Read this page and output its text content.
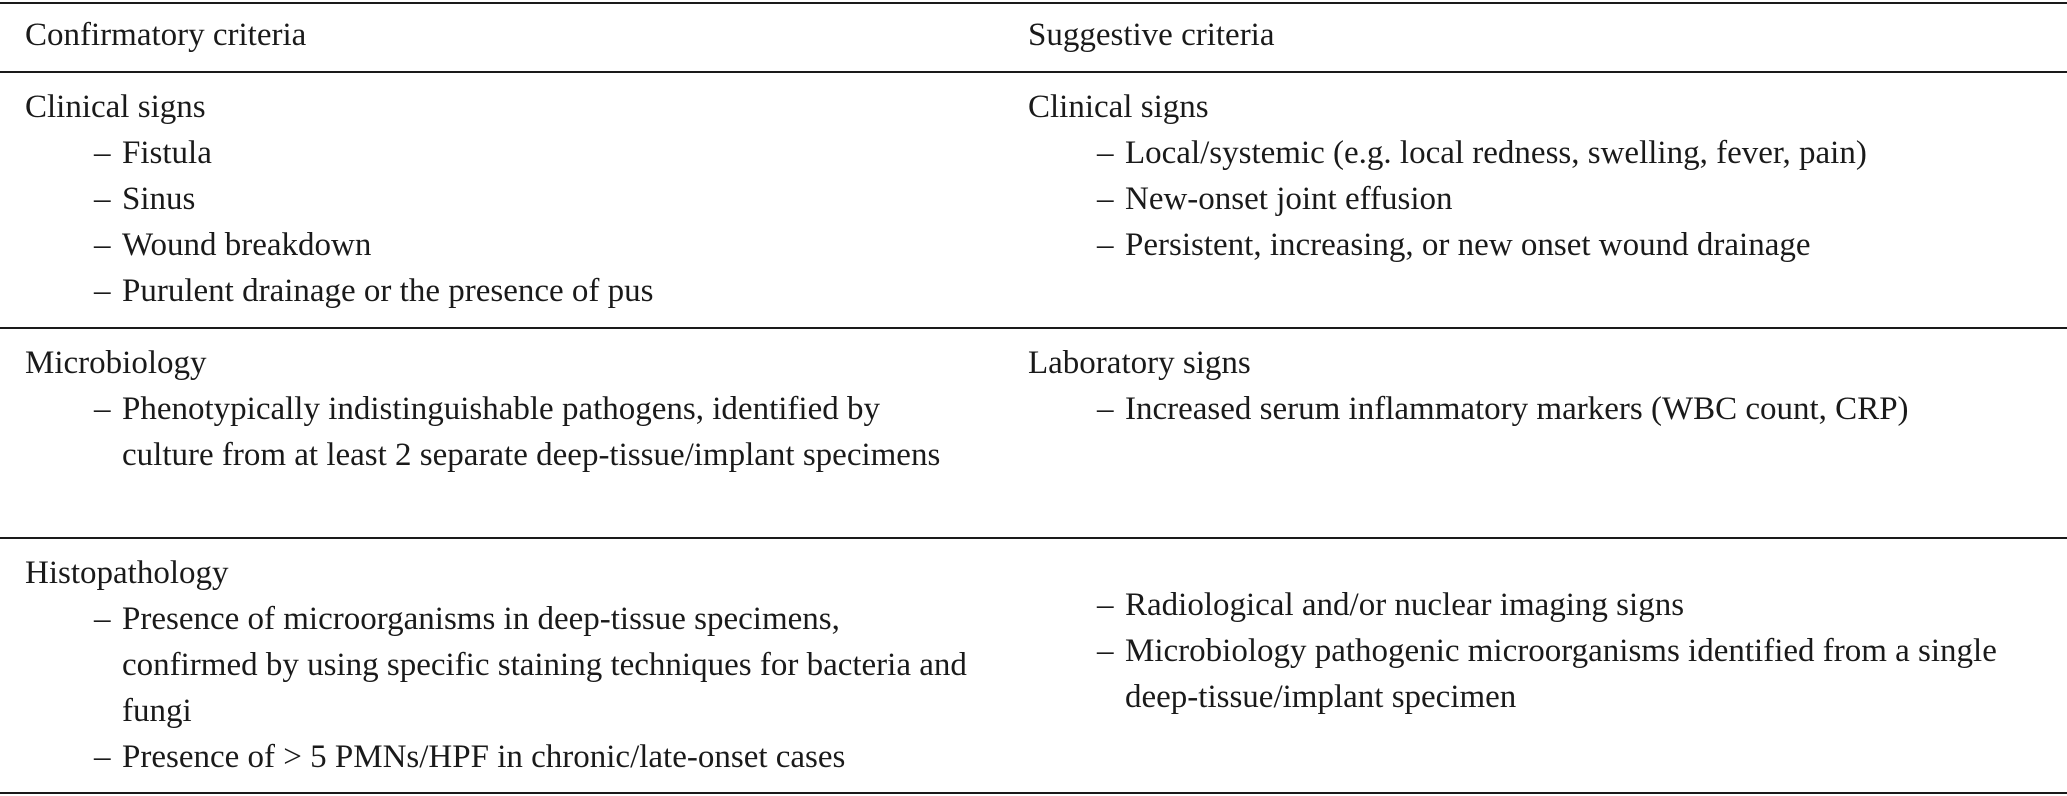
Confirmatory criteria	Suggestive criteria
Clinical signs
– Fistula
– Sinus
– Wound breakdown
– Purulent drainage or the presence of pus
Clinical signs
– Local/systemic (e.g. local redness, swelling, fever, pain)
– New-onset joint effusion
– Persistent, increasing, or new onset wound drainage
Microbiology
– Phenotypically indistinguishable pathogens, identified by culture from at least 2 separate deep-tissue/implant specimens
Laboratory signs
– Increased serum inflammatory markers (WBC count, CRP)
Histopathology
– Presence of microorganisms in deep-tissue specimens, confirmed by using specific staining techniques for bacteria and fungi
– Presence of > 5 PMNs/HPF in chronic/late-onset cases
– Radiological and/or nuclear imaging signs
– Microbiology pathogenic microorganisms identified from a single deep-tissue/implant specimen
